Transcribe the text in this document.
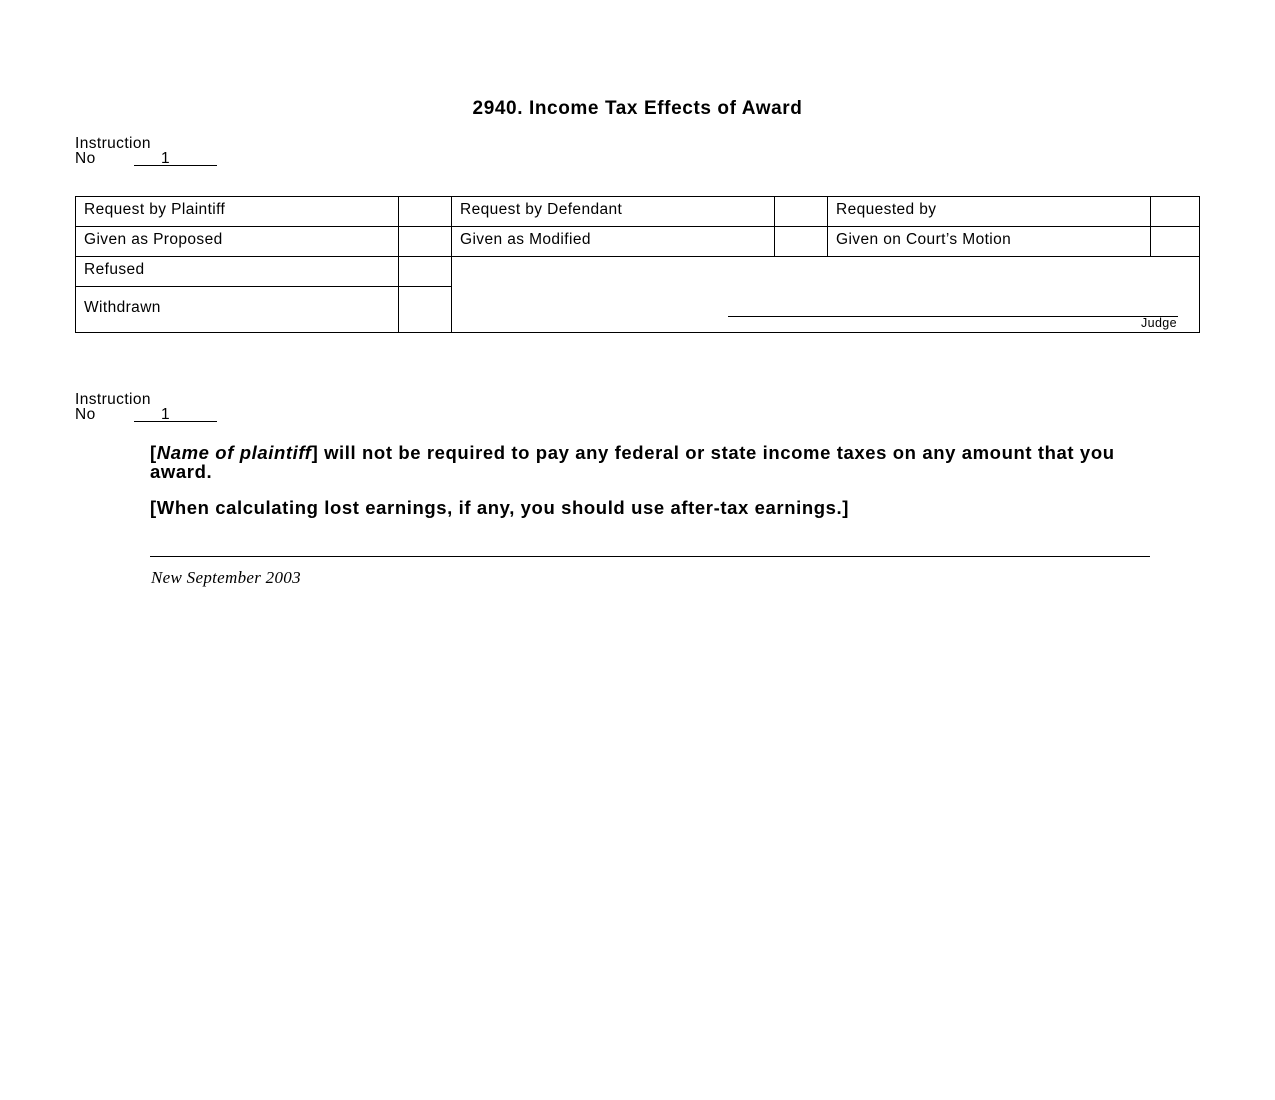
2940. Income Tax Effects of Award
Instruction
No	1
Request by Plaintiff	Request by Defendant	Requested by
Given as Proposed	Given as Modified	Given on Court’s Motion
Refused
Withdrawn
Judge
Instruction
No	1

[Name of plaintiff] will not be required to pay any federal or state income taxes on any amount that you award.

[When calculating lost earnings, if any, you should use after-tax earnings.]

New September 2003
